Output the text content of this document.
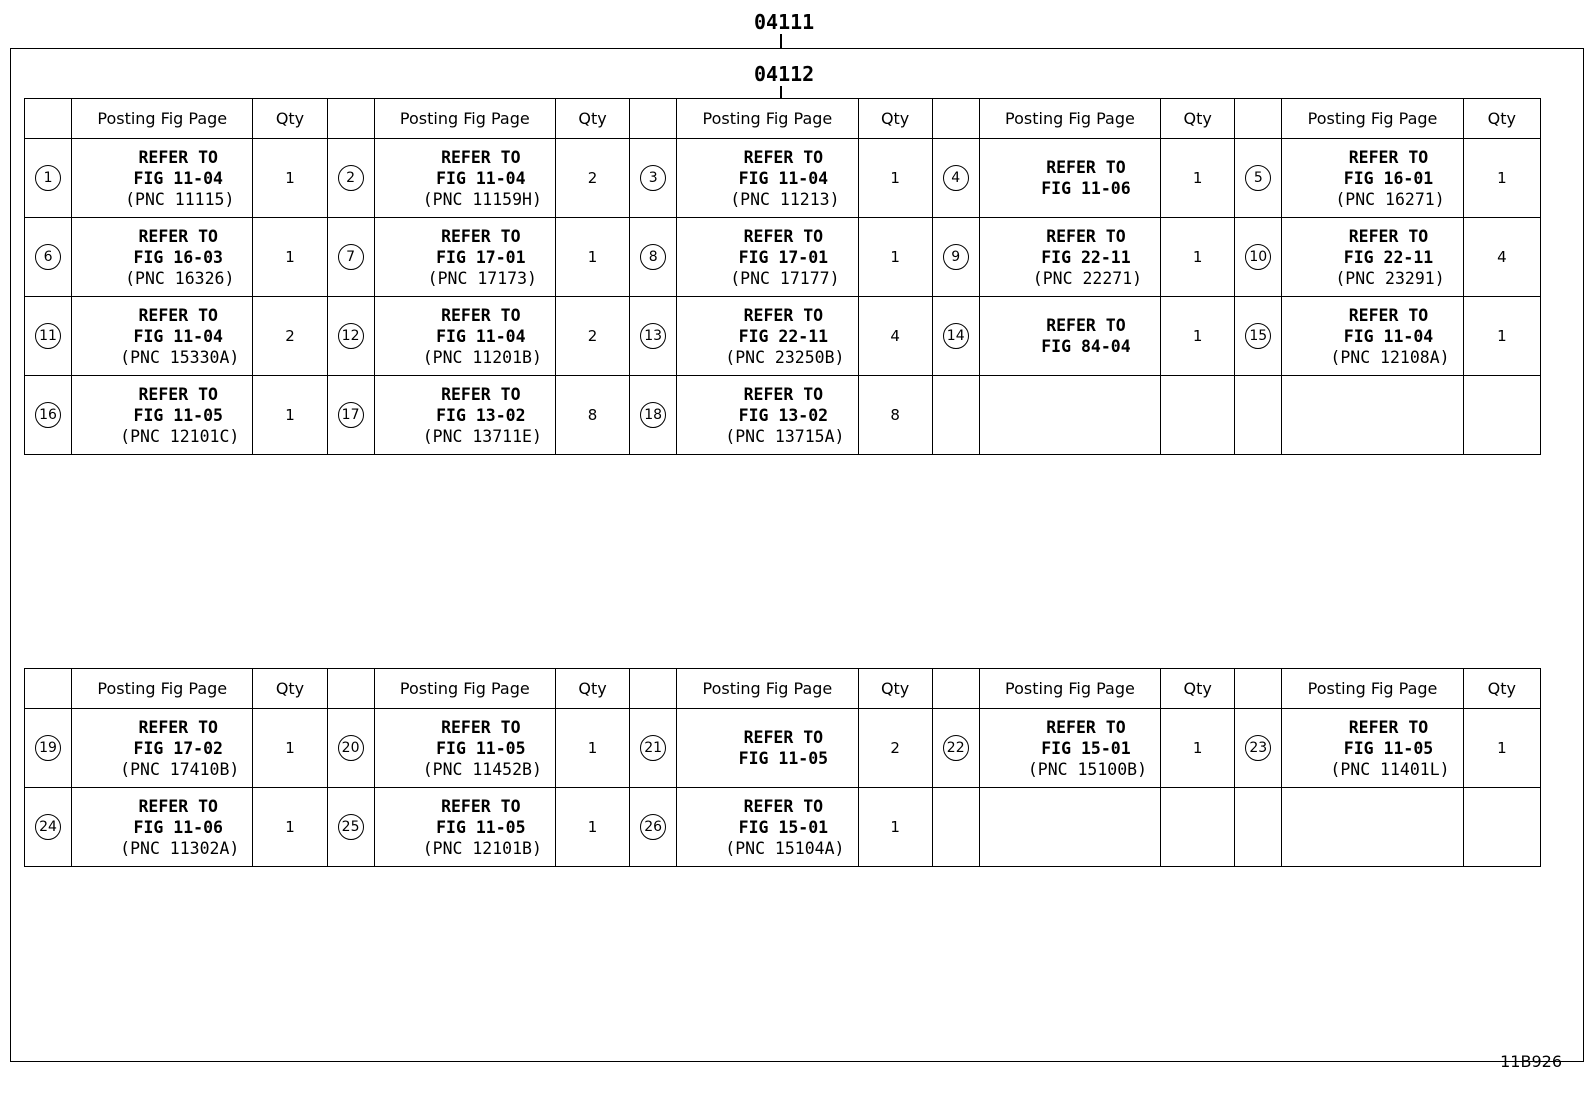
04111
04112
	Posting Fig Page	Qty		Posting Fig Page	Qty		Posting Fig Page	Qty		Posting Fig Page	Qty		Posting Fig Page	Qty
1	REFER TO
FIG 11-04
(PNC 11115)	1	2	REFER TO
FIG 11-04
(PNC 11159H)	2	3	REFER TO
FIG 11-04
(PNC 11213)	1	4	REFER TO
FIG 11-06	1	5	REFER TO
FIG 16-01
(PNC 16271)	1
6	REFER TO
FIG 16-03
(PNC 16326)	1	7	REFER TO
FIG 17-01
(PNC 17173)	1	8	REFER TO
FIG 17-01
(PNC 17177)	1	9	REFER TO
FIG 22-11
(PNC 22271)	1	10	REFER TO
FIG 22-11
(PNC 23291)	4
11	REFER TO
FIG 11-04
(PNC 15330A)	2	12	REFER TO
FIG 11-04
(PNC 11201B)	2	13	REFER TO
FIG 22-11
(PNC 23250B)	4	14	REFER TO
FIG 84-04	1	15	REFER TO
FIG 11-04
(PNC 12108A)	1
16	REFER TO
FIG 11-05
(PNC 12101C)	1	17	REFER TO
FIG 13-02
(PNC 13711E)	8	18	REFER TO
FIG 13-02
(PNC 13715A)	8						
	Posting Fig Page	Qty		Posting Fig Page	Qty		Posting Fig Page	Qty		Posting Fig Page	Qty		Posting Fig Page	Qty
19	REFER TO
FIG 17-02
(PNC 17410B)	1	20	REFER TO
FIG 11-05
(PNC 11452B)	1	21	REFER TO
FIG 11-05	2	22	REFER TO
FIG 15-01
(PNC 15100B)	1	23	REFER TO
FIG 11-05
(PNC 11401L)	1
24	REFER TO
FIG 11-06
(PNC 11302A)	1	25	REFER TO
FIG 11-05
(PNC 12101B)	1	26	REFER TO
FIG 15-01
(PNC 15104A)	1						
11B926
